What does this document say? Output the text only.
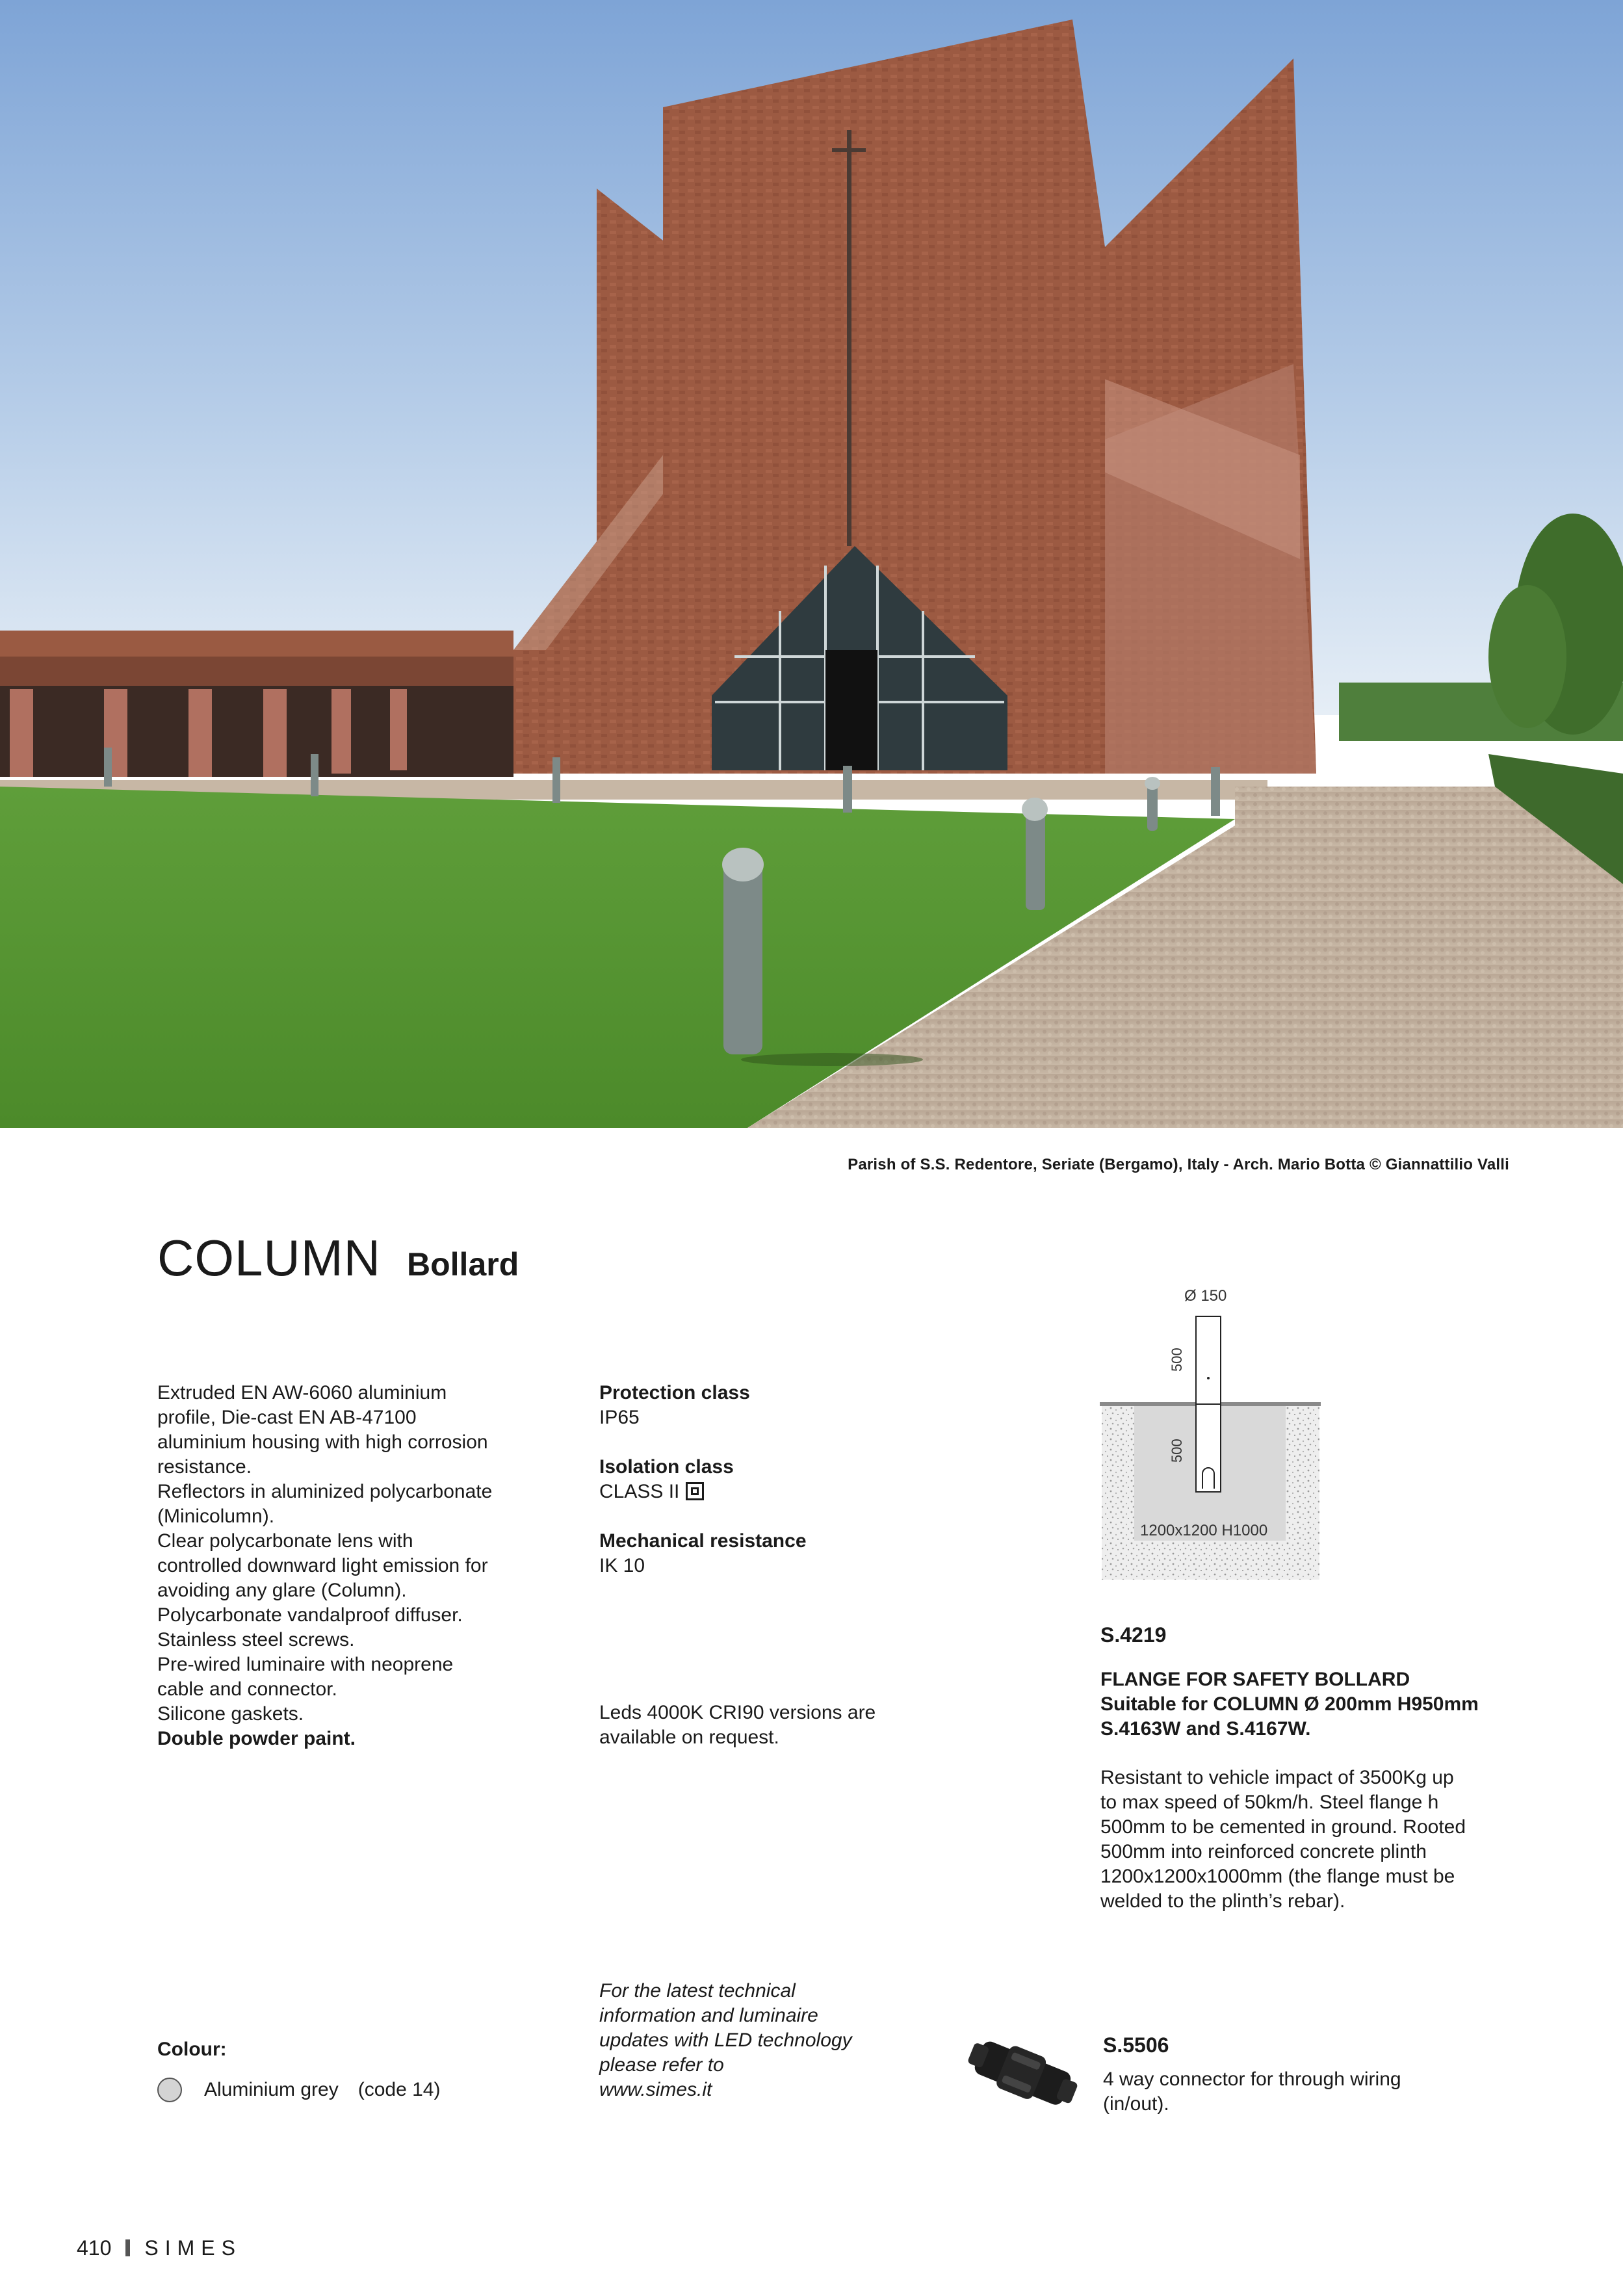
Parish of S.S. Redentore, Seriate (Bergamo), Italy - Arch. Mario Botta © Giannattilio Valli
COLUMN Bollard
Extruded EN AW-6060 aluminium
profile, Die-cast EN AB-47100
aluminium housing with high corrosion
resistance.
Reflectors in aluminized polycarbonate
(Minicolumn).
Clear polycarbonate lens with
controlled downward light emission for
avoiding any glare (Column).
Polycarbonate vandalproof diffuser.
Stainless steel screws.
Pre-wired luminaire with neoprene
cable and connector.
Silicone gaskets.
Double powder paint.
Protection class
IP65
Isolation class
CLASS II
Mechanical resistance
IK 10
Leds 4000K CRI90 versions are
available on request.
Ø 150
500
500
1200x1200 H1000
S.4219
FLANGE FOR SAFETY BOLLARD
Suitable for COLUMN Ø 200mm H950mm
S.4163W and S.4167W.
Resistant to vehicle impact of 3500Kg up
to max speed of 50km/h. Steel flange h
500mm to be cemented in ground. Rooted
500mm into reinforced concrete plinth
1200x1200x1000mm (the flange must be
welded to the plinth’s rebar).
Colour:
Aluminium grey (code 14)
For the latest technical
information and luminaire
updates with LED technology
please refer to
www.simes.it
S.5506
4 way connector for through wiring
(in/out).
410 SIMES
